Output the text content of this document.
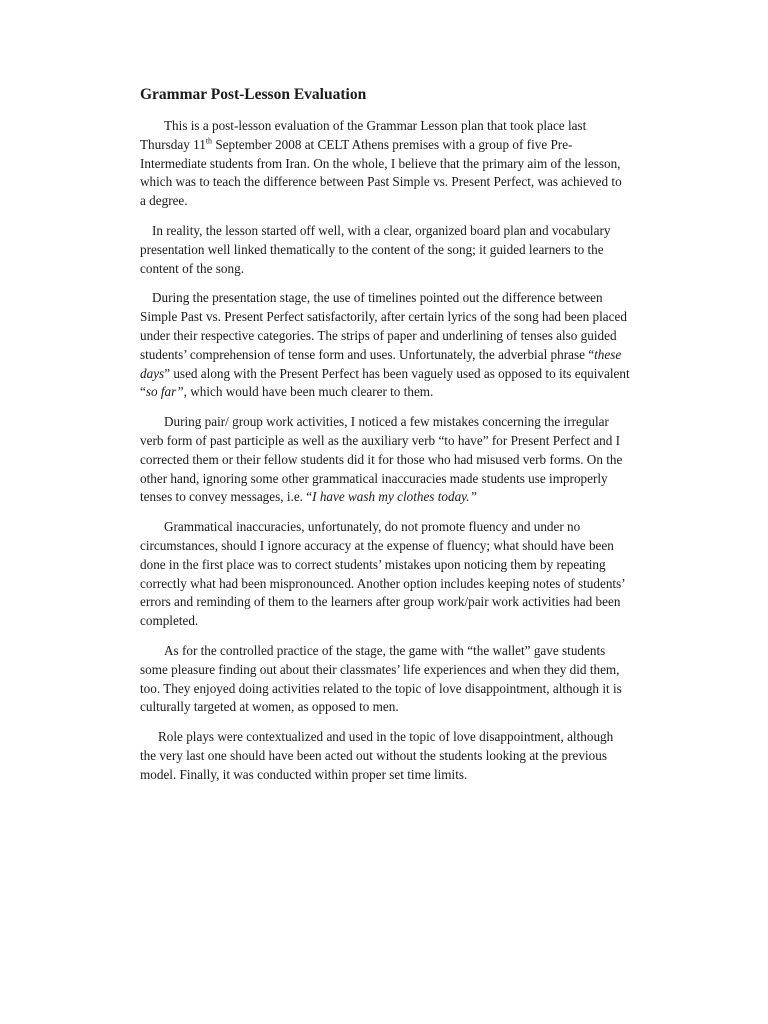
Grammar Post-Lesson Evaluation

This is a post-lesson evaluation of the Grammar Lesson plan that took place last Thursday 11th September 2008 at CELT Athens premises with a group of five Pre-Intermediate students from Iran. On the whole, I believe that the primary aim of the lesson, which was to teach the difference between Past Simple vs. Present Perfect, was achieved to a degree.

In reality, the lesson started off well, with a clear, organized board plan and vocabulary presentation well linked thematically to the content of the song; it guided learners to the content of the song.

During the presentation stage, the use of timelines pointed out the difference between Simple Past vs. Present Perfect satisfactorily, after certain lyrics of the song had been placed under their respective categories. The strips of paper and underlining of tenses also guided students’ comprehension of tense form and uses. Unfortunately, the adverbial phrase “these days” used along with the Present Perfect has been vaguely used as opposed to its equivalent “so far”, which would have been much clearer to them.

During pair/ group work activities, I noticed a few mistakes concerning the irregular verb form of past participle as well as the auxiliary verb “to have” for Present Perfect and I corrected them or their fellow students did it for those who had misused verb forms. On the other hand, ignoring some other grammatical inaccuracies made students use improperly tenses to convey messages, i.e. “I have wash my clothes today.”

Grammatical inaccuracies, unfortunately, do not promote fluency and under no circumstances, should I ignore accuracy at the expense of fluency; what should have been done in the first place was to correct students’ mistakes upon noticing them by repeating correctly what had been mispronounced. Another option includes keeping notes of students’ errors and reminding of them to the learners after group work/pair work activities had been completed.

As for the controlled practice of the stage, the game with “the wallet” gave students some pleasure finding out about their classmates’ life experiences and when they did them, too. They enjoyed doing activities related to the topic of love disappointment, although it is culturally targeted at women, as opposed to men.

Role plays were contextualized and used in the topic of love disappointment, although the very last one should have been acted out without the students looking at the previous model. Finally, it was conducted within proper set time limits.
